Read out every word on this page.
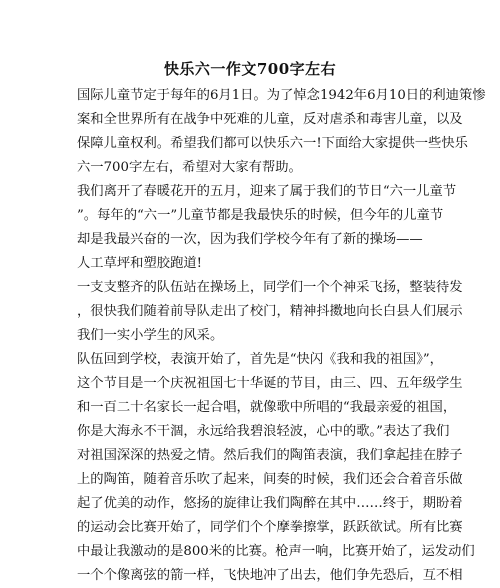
快乐六一作文700字左右
国际儿童节定于每年的6月1日。为了悼念1942年6月10日的利迪策惨
案和全世界所有在战争中死难的儿童，反对虐杀和毒害儿童，以及
保障儿童权利。希望我们都可以快乐六一!下面给大家提供一些快乐
六一700字左右，希望对大家有帮助。
我们离开了春暖花开的五月，迎来了属于我们的节日“六一儿童节
”。每年的“六一”儿童节都是我最快乐的时候，但今年的儿童节
却是我最兴奋的一次，因为我们学校今年有了新的操场——
人工草坪和塑胶跑道!
一支支整齐的队伍站在操场上，同学们一个个神采飞扬，整装待发
，很快我们随着前导队走出了校门，精神抖擞地向长白县人们展示
我们一实小学生的风采。
队伍回到学校，表演开始了，首先是“快闪《我和我的祖国》”，
这个节目是一个庆祝祖国七十华诞的节目，由三、四、五年级学生
和一百二十名家长一起合唱，就像歌中所唱的“我最亲爱的祖国，
你是大海永不干涸，永远给我碧浪轻波，心中的歌。”表达了我们
对祖国深深的热爱之情。然后我们的陶笛表演，我们拿起挂在脖子
上的陶笛，随着音乐吹了起来，间奏的时候，我们还会合着音乐做
起了优美的动作，悠扬的旋律让我们陶醉在其中……终于，期盼着
的运动会比赛开始了，同学们个个摩拳擦掌，跃跃欲试。所有比赛
中最让我激动的是800米的比赛。枪声一响，比赛开始了，运发动们
一个个像离弦的箭一样，飞快地冲了出去，他们争先恐后，互不相
